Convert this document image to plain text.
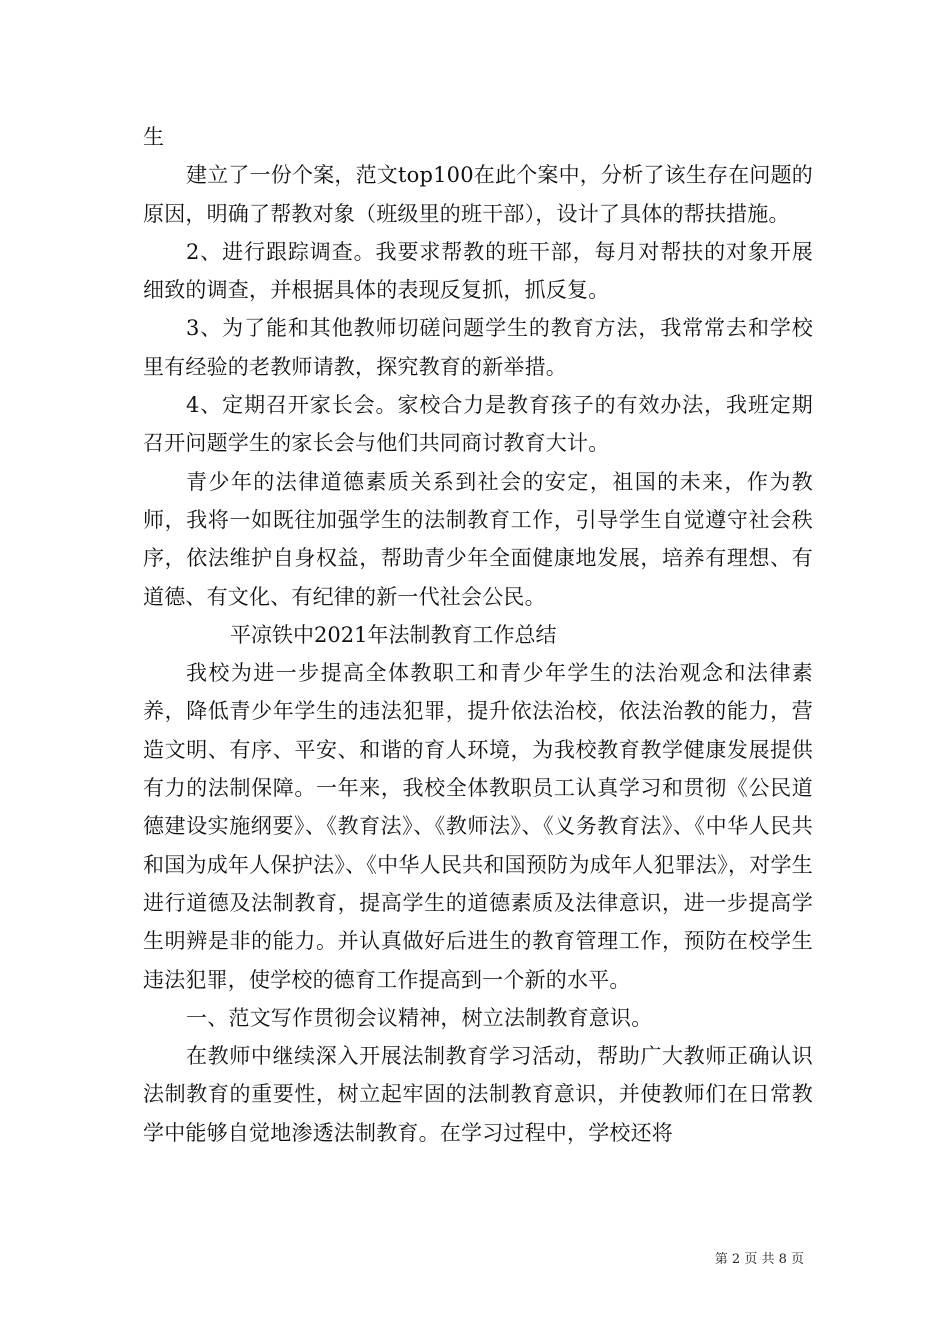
生

建立了一份个案，范文top100在此个案中，分析了该生存在问题的原因，明确了帮教对象（班级里的班干部），设计了具体的帮扶措施。

2、进行跟踪调查。我要求帮教的班干部，每月对帮扶的对象开展细致的调查，并根据具体的表现反复抓，抓反复。

3、为了能和其他教师切磋问题学生的教育方法，我常常去和学校里有经验的老教师请教，探究教育的新举措。

4、定期召开家长会。家校合力是教育孩子的有效办法，我班定期召开问题学生的家长会与他们共同商讨教育大计。

青少年的法律道德素质关系到社会的安定，祖国的未来，作为教师，我将一如既往加强学生的法制教育工作，引导学生自觉遵守社会秩序，依法维护自身权益，帮助青少年全面健康地发展，培养有理想、有道德、有文化、有纪律的新一代社会公民。

平凉铁中2021年法制教育工作总结

我校为进一步提高全体教职工和青少年学生的法治观念和法律素养，降低青少年学生的违法犯罪，提升依法治校，依法治教的能力，营造文明、有序、平安、和谐的育人环境，为我校教育教学健康发展提供有力的法制保障。一年来，我校全体教职员工认真学习和贯彻《公民道德建设实施纲要》、《教育法》、《教师法》、《义务教育法》、《中华人民共和国为成年人保护法》、《中华人民共和国预防为成年人犯罪法》，对学生进行道德及法制教育，提高学生的道德素质及法律意识，进一步提高学生明辨是非的能力。并认真做好后进生的教育管理工作，预防在校学生违法犯罪，使学校的德育工作提高到一个新的水平。

一、范文写作贯彻会议精神，树立法制教育意识。

在教师中继续深入开展法制教育学习活动，帮助广大教师正确认识法制教育的重要性，树立起牢固的法制教育意识，并使教师们在日常教学中能够自觉地渗透法制教育。在学习过程中，学校还将

第 2 页 共 8 页
